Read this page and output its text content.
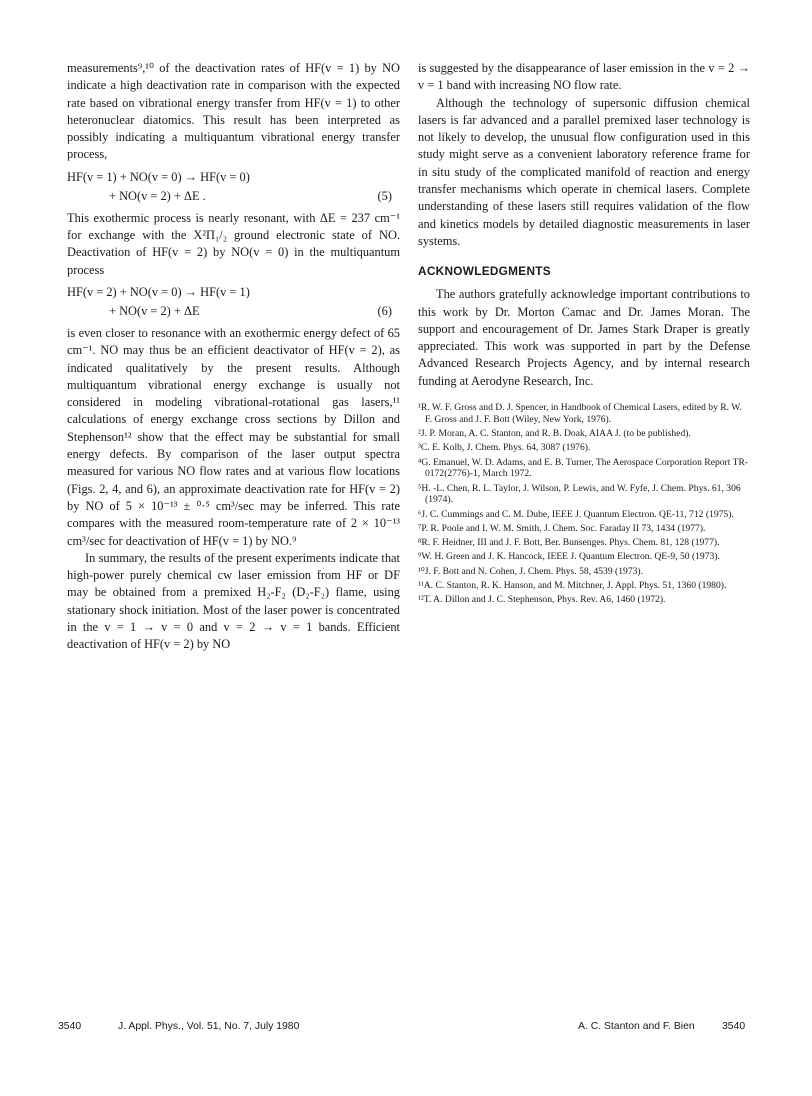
measurements⁹,¹⁰ of the deactivation rates of HF(v = 1) by NO indicate a high deactivation rate in comparison with the expected rate based on vibrational energy transfer from HF(v = 1) to other heteronuclear diatomics. This result has been interpreted as possibly indicating a multiquantum vibrational energy transfer process,

HF(v = 1) + NO(v = 0) → HF(v = 0)
+ NO(v = 2) + ΔE .	(5)

This exothermic process is nearly resonant, with ΔE = 237 cm⁻¹ for exchange with the X²Π₁/₂ ground electronic state of NO. Deactivation of HF(v = 2) by NO(v = 0) in the multiquantum process

HF(v = 2) + NO(v = 0) → HF(v = 1)
+ NO(v = 2) + ΔE	(6)

is even closer to resonance with an exothermic energy defect of 65 cm⁻¹. NO may thus be an efficient deactivator of HF(v = 2), as indicated qualitatively by the present results. Although multiquantum vibrational energy exchange is usually not considered in modeling vibrational-rotational gas lasers,¹¹ calculations of energy exchange cross sections by Dillon and Stephenson¹² show that the effect may be substantial for small energy defects. By comparison of the laser output spectra measured for various NO flow rates and at various flow locations (Figs. 2, 4, and 6), an approximate deactivation rate for HF(v = 2) by NO of 5 × 10⁻¹³ ± ⁰·⁵ cm³/sec may be inferred. This rate compares with the measured room-temperature rate of 2 × 10⁻¹³ cm³/sec for deactivation of HF(v = 1) by NO.⁹

In summary, the results of the present experiments indicate that high-power purely chemical cw laser emission from HF or DF may be obtained from a premixed H₂-F₂ (D₂-F₂) flame, using stationary shock initiation. Most of the laser power is concentrated in the v = 1 → v = 0 and v = 2 → v = 1 bands. Efficient deactivation of HF(v = 2) by NO

is suggested by the disappearance of laser emission in the v = 2 → v = 1 band with increasing NO flow rate.

Although the technology of supersonic diffusion chemical lasers is far advanced and a parallel premixed laser technology is not likely to develop, the unusual flow configuration used in this study might serve as a convenient laboratory reference frame for in situ study of the complicated manifold of reaction and energy transfer mechanisms which operate in chemical lasers. Complete understanding of these lasers still requires validation of the flow and kinetics models by detailed diagnostic measurements in laser systems.

ACKNOWLEDGMENTS

The authors gratefully acknowledge important contributions to this work by Dr. Morton Camac and Dr. James Moran. The support and encouragement of Dr. James Stark Draper is greatly appreciated. This work was supported in part by the Defense Advanced Research Projects Agency, and by internal research funding at Aerodyne Research, Inc.

¹R. W. F. Gross and D. J. Spencer, in Handbook of Chemical Lasers, edited by R. W. F. Gross and J. F. Bott (Wiley, New York, 1976).

²J. P. Moran, A. C. Stanton, and R. B. Doak, AIAA J. (to be published).

³C. E. Kolb, J. Chem. Phys. 64, 3087 (1976).

⁴G. Emanuel, W. D. Adams, and E. B. Turner, The Aerospace Corporation Report TR-0172(2776)-1, March 1972.

⁵H. -L. Chen, R. L. Taylor, J. Wilson, P. Lewis, and W. Fyfe, J. Chem. Phys. 61, 306 (1974).

⁶J. C. Cummings and C. M. Dube, IEEE J. Quantum Electron. QE-11, 712 (1975).

⁷P. R. Poole and I. W. M. Smith, J. Chem. Soc. Faraday II 73, 1434 (1977).

⁸R. F. Heidner, III and J. F. Bott, Ber. Bunsenges. Phys. Chem. 81, 128 (1977).

⁹W. H. Green and J. K. Hancock, IEEE J. Quantum Electron. QE-9, 50 (1973).

¹⁰J. F. Bott and N. Cohen, J. Chem. Phys. 58, 4539 (1973).

¹¹A. C. Stanton, R. K. Hanson, and M. Mitchner, J. Appl. Phys. 51, 1360 (1980).

¹²T. A. Dillon and J. C. Stephenson, Phys. Rev. A6, 1460 (1972).

3540	J. Appl. Phys., Vol. 51, No. 7, July 1980	A. C. Stanton and F. Bien	3540
